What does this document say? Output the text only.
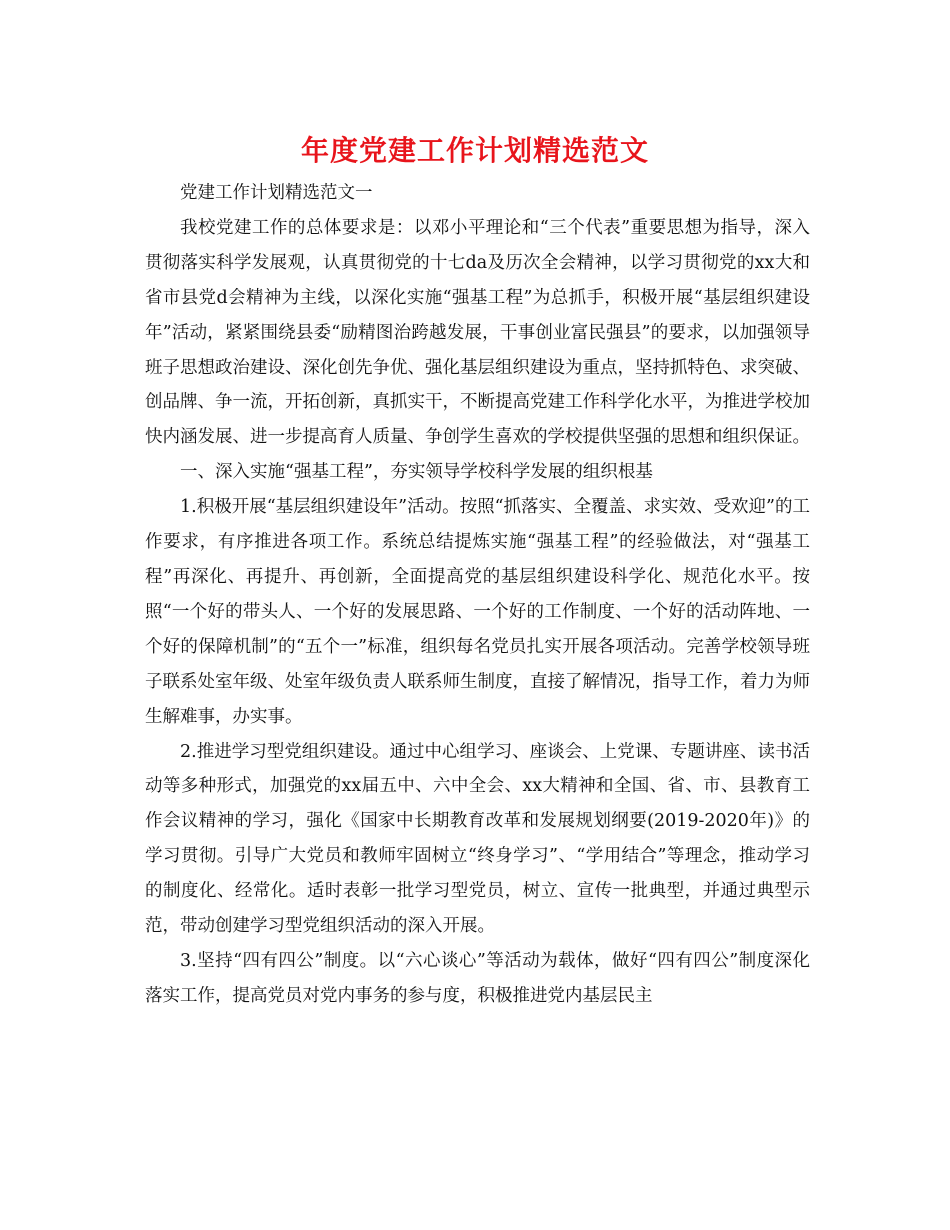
年度党建工作计划精选范文

党建工作计划精选范文一

我校党建工作的总体要求是：以邓小平理论和“三个代表”重要思想为指导，深入贯彻落实科学发展观，认真贯彻党的十七da及历次全会精神，以学习贯彻党的xx大和省市县党d会精神为主线，以深化实施“强基工程”为总抓手，积极开展“基层组织建设年”活动，紧紧围绕县委“励精图治跨越发展，干事创业富民强县”的要求，以加强领导班子思想政治建设、深化创先争优、强化基层组织建设为重点，坚持抓特色、求突破、创品牌、争一流，开拓创新，真抓实干，不断提高党建工作科学化水平，为推进学校加快内涵发展、进一步提高育人质量、争创学生喜欢的学校提供坚强的思想和组织保证。

一、深入实施“强基工程”，夯实领导学校科学发展的组织根基

1.积极开展“基层组织建设年”活动。按照“抓落实、全覆盖、求实效、受欢迎”的工作要求，有序推进各项工作。系统总结提炼实施“强基工程”的经验做法，对“强基工程”再深化、再提升、再创新，全面提高党的基层组织建设科学化、规范化水平。按照“一个好的带头人、一个好的发展思路、一个好的工作制度、一个好的活动阵地、一个好的保障机制”的“五个一”标准，组织每名党员扎实开展各项活动。完善学校领导班子联系处室年级、处室年级负责人联系师生制度，直接了解情况，指导工作，着力为师生解难事，办实事。

2.推进学习型党组织建设。通过中心组学习、座谈会、上党课、专题讲座、读书活动等多种形式，加强党的xx届五中、六中全会、xx大精神和全国、省、市、县教育工作会议精神的学习，强化《国家中长期教育改革和发展规划纲要(2019-2020年)》的学习贯彻。引导广大党员和教师牢固树立“终身学习”、“学用结合”等理念，推动学习的制度化、经常化。适时表彰一批学习型党员，树立、宣传一批典型，并通过典型示范，带动创建学习型党组织活动的深入开展。

3.坚持“四有四公”制度。以“六心谈心”等活动为载体，做好“四有四公”制度深化落实工作，提高党员对党内事务的参与度，积极推进党内基层民主
